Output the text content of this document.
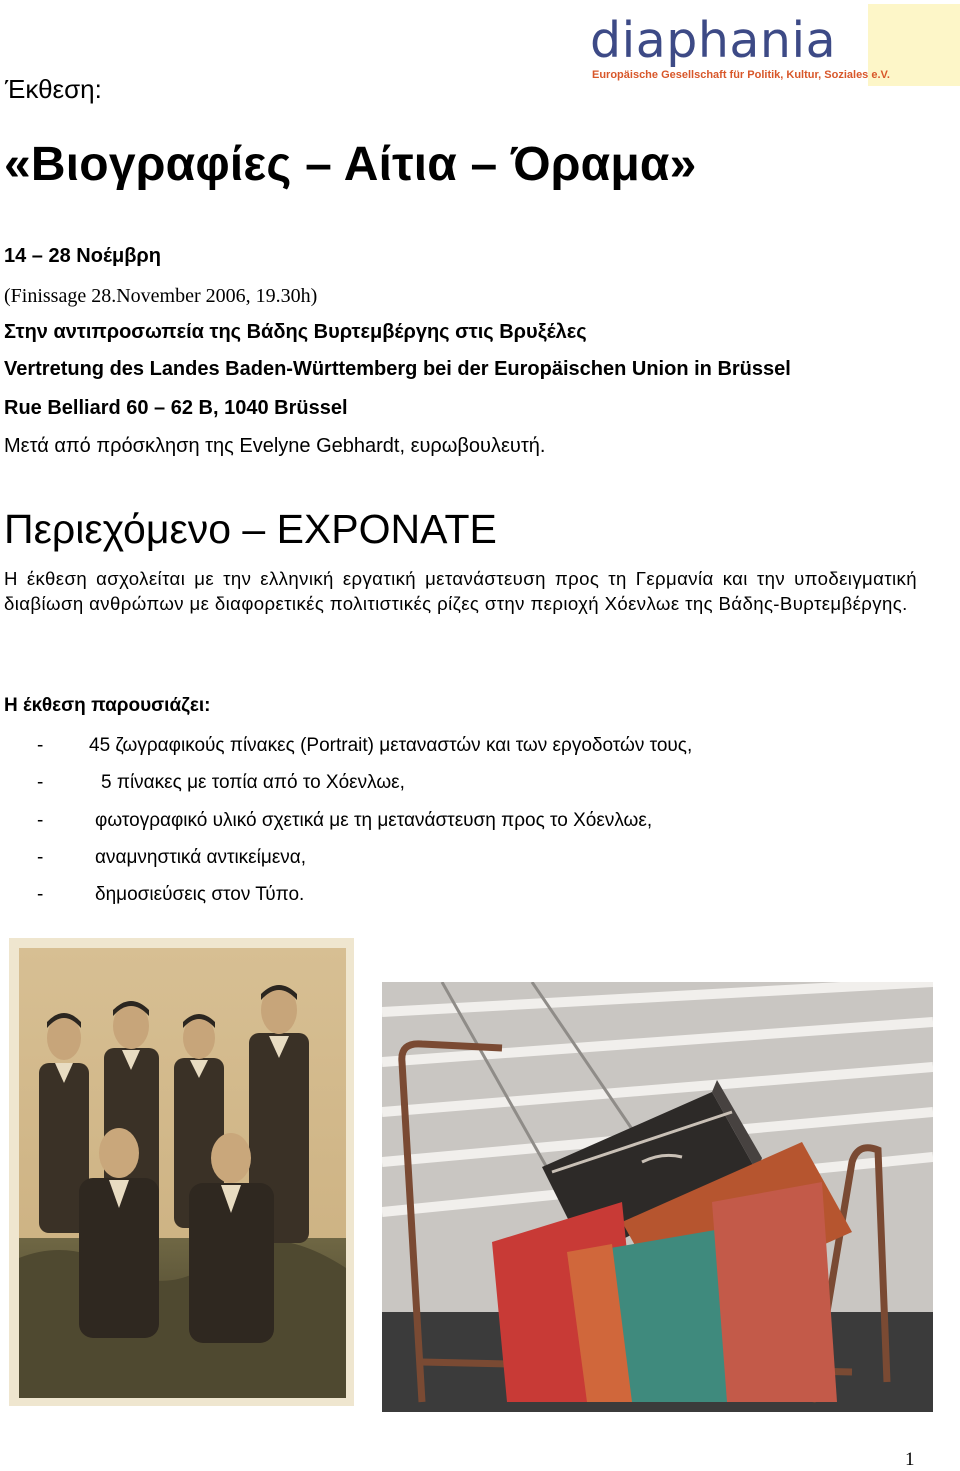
diaphania
Europäische Gesellschaft für Politik, Kultur, Soziales e.V.
Έκθεση:
«Βιογραφίες – Αίτια – Όραμα»
14 – 28 Νοέμβρη
(Finissage 28.November 2006, 19.30h)
Στην αντιπροσωπεία της Βάδης Βυρτεμβέργης στις Βρυξέλες
Vertretung des Landes Baden-Württemberg bei der Europäischen Union in Brüssel
Rue Belliard 60 – 62 B, 1040 Brüssel
Μετά από πρόσκληση της Evelyne Gebhardt, ευρωβουλευτή.
Περιεχόμενο – EXPONATE
Η έκθεση ασχολείται με την ελληνική εργατική μετανάστευση προς τη Γερμανία και την υποδειγματική διαβίωση ανθρώπων με διαφορετικές πολιτιστικές ρίζες στην περιοχή Χόενλωε της Βάδης-Βυρτεμβέργης.
Η έκθεση παρουσιάζει:
- 45 ζωγραφικούς πίνακες (Portrait) μεταναστών και των εργοδοτών τους,
-	5 πίνακες με τοπία από το Χόενλωε,
-	φωτογραφικό υλικό σχετικά με τη μετανάστευση προς το Χόενλωε,
-	αναμνηστικά αντικείμενα,
-	δημοσιεύσεις στον Τύπο.
1
